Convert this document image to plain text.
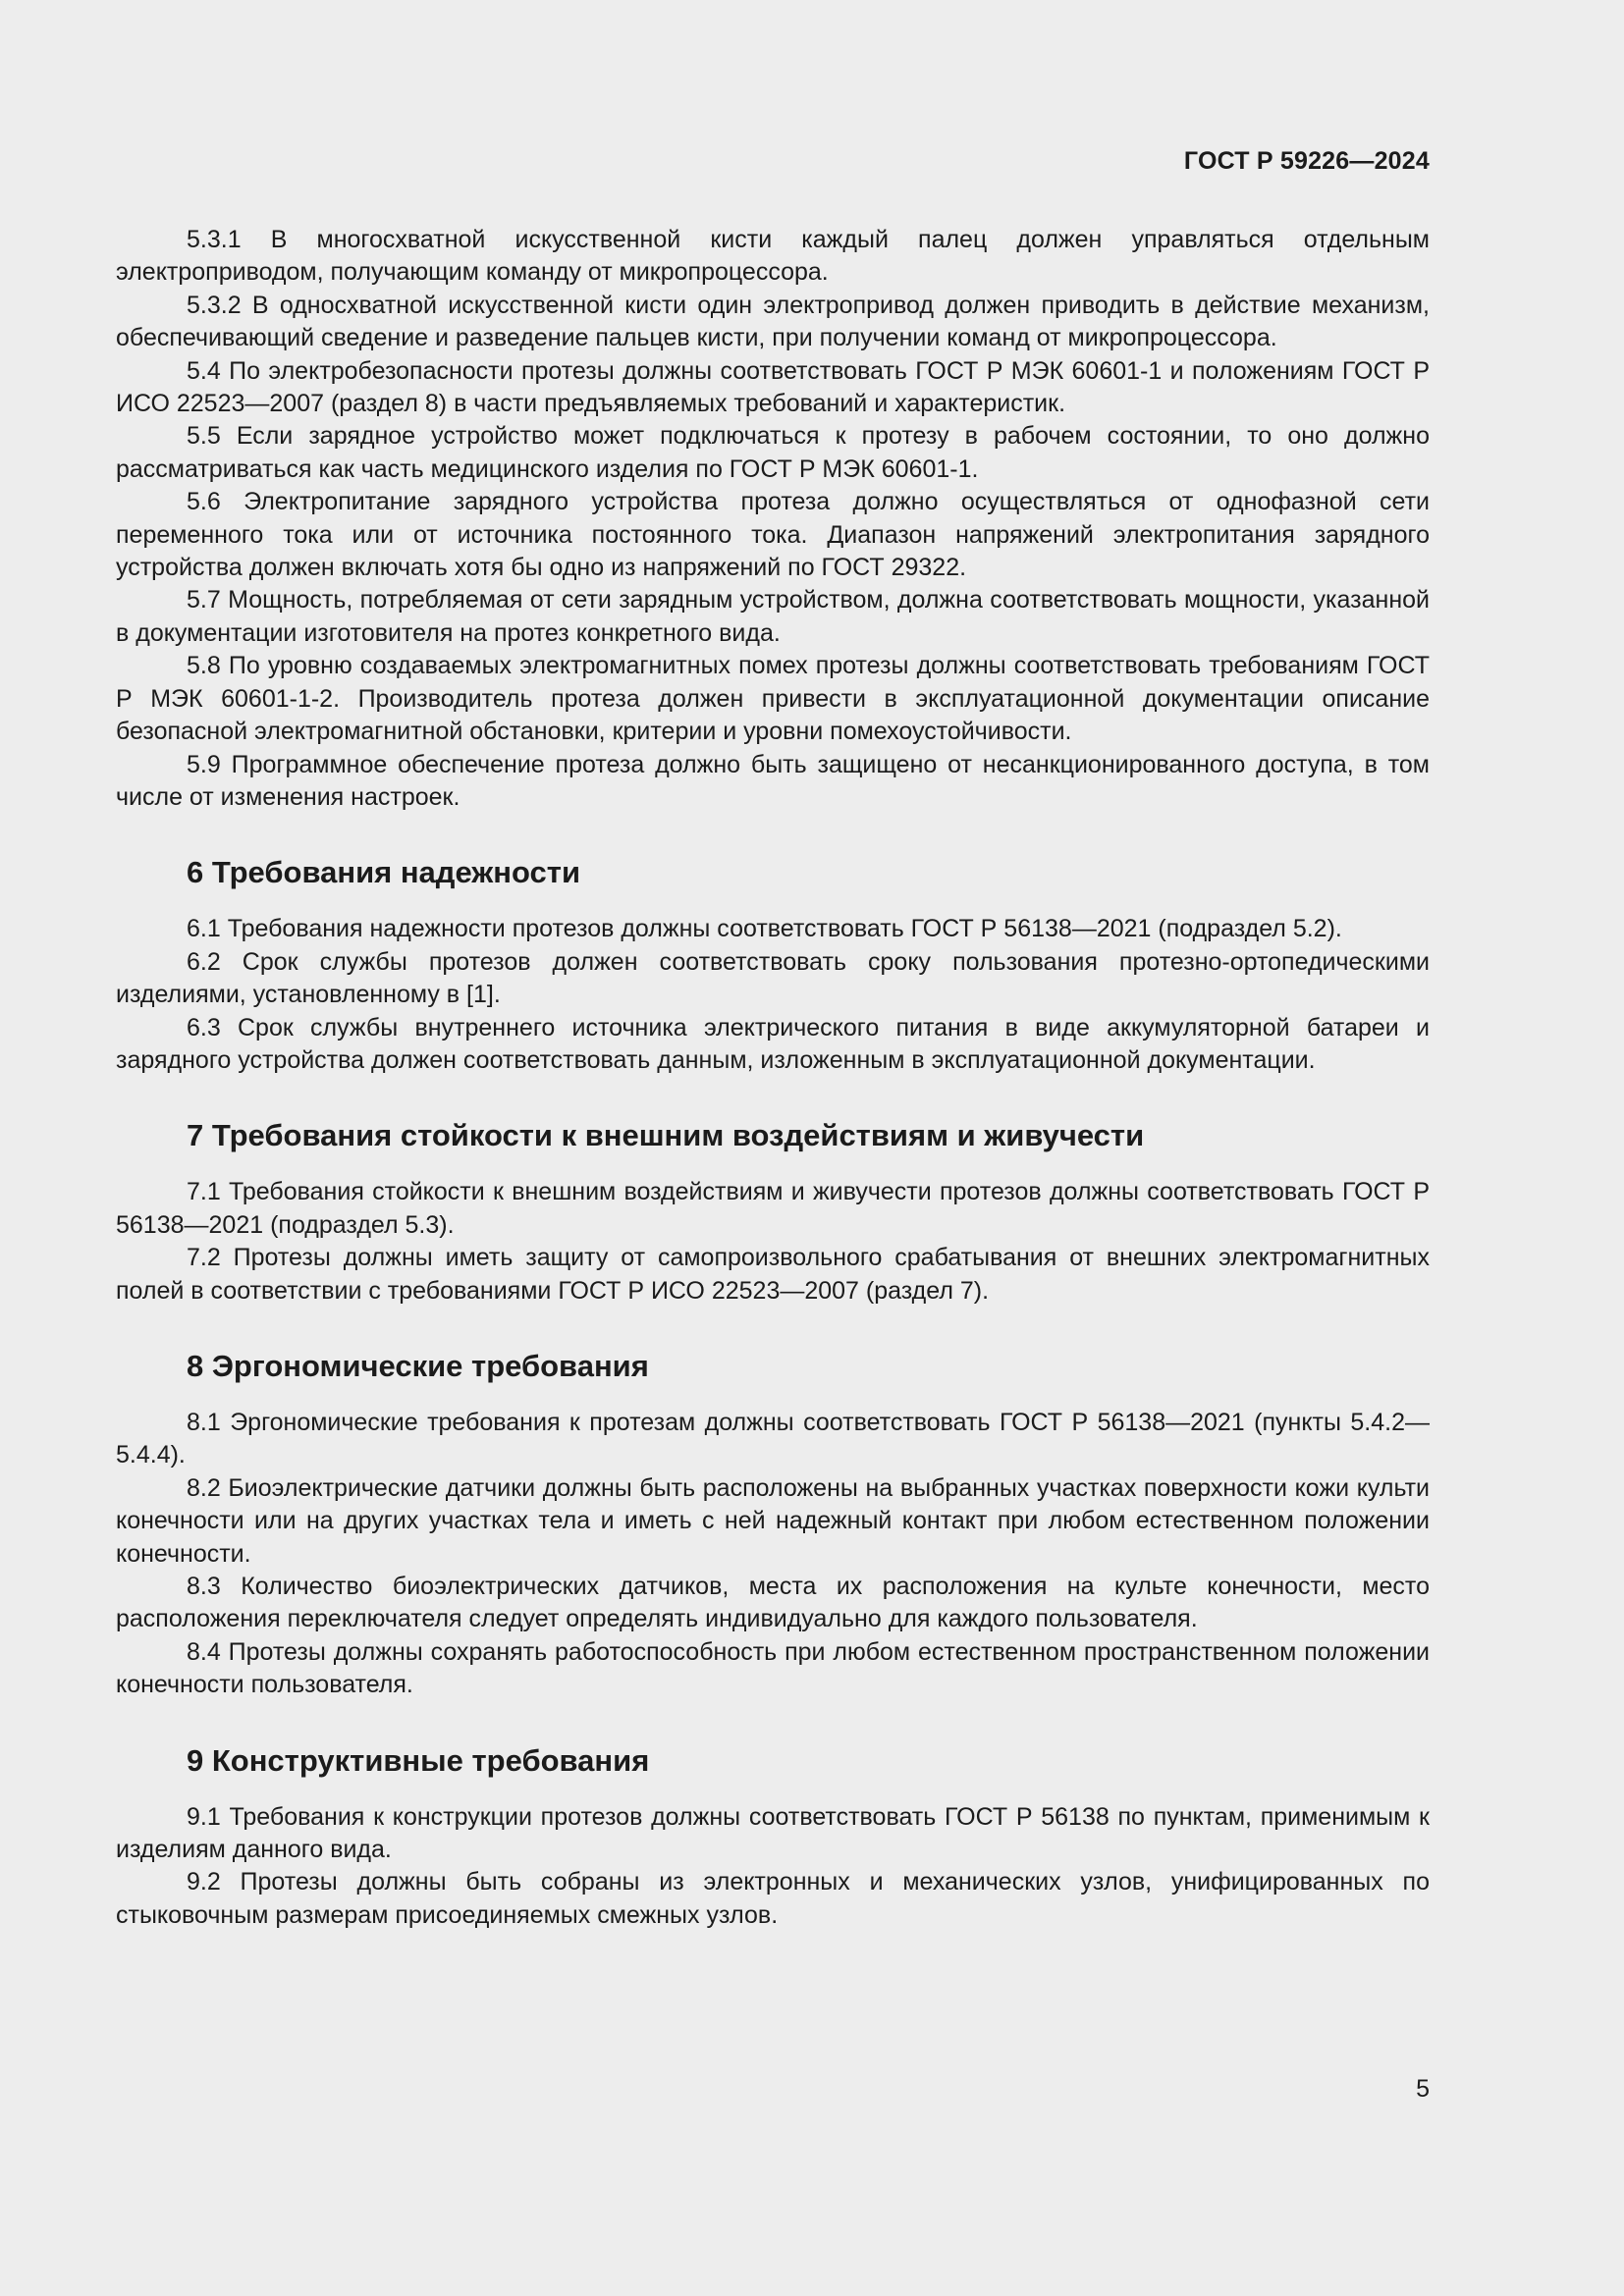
ГОСТ Р 59226—2024

5.3.1 В многосхватной искусственной кисти каждый палец должен управляться отдельным электроприводом, получающим команду от микропроцессора.

5.3.2 В односхватной искусственной кисти один электропривод должен приводить в действие механизм, обеспечивающий сведение и разведение пальцев кисти, при получении команд от микропроцессора.

5.4 По электробезопасности протезы должны соответствовать ГОСТ Р МЭК 60601-1 и положениям ГОСТ Р ИСО 22523—2007 (раздел 8) в части предъявляемых требований и характеристик.

5.5 Если зарядное устройство может подключаться к протезу в рабочем состоянии, то оно должно рассматриваться как часть медицинского изделия по ГОСТ Р МЭК 60601-1.

5.6 Электропитание зарядного устройства протеза должно осуществляться от однофазной сети переменного тока или от источника постоянного тока. Диапазон напряжений электропитания зарядного устройства должен включать хотя бы одно из напряжений по ГОСТ 29322.

5.7 Мощность, потребляемая от сети зарядным устройством, должна соответствовать мощности, указанной в документации изготовителя на протез конкретного вида.

5.8 По уровню создаваемых электромагнитных помех протезы должны соответствовать требованиям ГОСТ Р МЭК 60601-1-2. Производитель протеза должен привести в эксплуатационной документации описание безопасной электромагнитной обстановки, критерии и уровни помехоустойчивости.

5.9 Программное обеспечение протеза должно быть защищено от несанкционированного доступа, в том числе от изменения настроек.

6 Требования надежности

6.1 Требования надежности протезов должны соответствовать ГОСТ Р 56138—2021 (подраздел 5.2).

6.2 Срок службы протезов должен соответствовать сроку пользования протезно-ортопедическими изделиями, установленному в [1].

6.3 Срок службы внутреннего источника электрического питания в виде аккумуляторной батареи и зарядного устройства должен соответствовать данным, изложенным в эксплуатационной документации.

7 Требования стойкости к внешним воздействиям и живучести

7.1 Требования стойкости к внешним воздействиям и живучести протезов должны соответствовать ГОСТ Р 56138—2021 (подраздел 5.3).

7.2 Протезы должны иметь защиту от самопроизвольного срабатывания от внешних электромагнитных полей в соответствии с требованиями ГОСТ Р ИСО 22523—2007 (раздел 7).

8 Эргономические требования

8.1 Эргономические требования к протезам должны соответствовать ГОСТ Р 56138—2021 (пункты 5.4.2—5.4.4).

8.2 Биоэлектрические датчики должны быть расположены на выбранных участках поверхности кожи культи конечности или на других участках тела и иметь с ней надежный контакт при любом естественном положении конечности.

8.3 Количество биоэлектрических датчиков, места их расположения на культе конечности, место расположения переключателя следует определять индивидуально для каждого пользователя.

8.4 Протезы должны сохранять работоспособность при любом естественном пространственном положении конечности пользователя.

9 Конструктивные требования

9.1 Требования к конструкции протезов должны соответствовать ГОСТ Р 56138 по пунктам, применимым к изделиям данного вида.

9.2 Протезы должны быть собраны из электронных и механических узлов, унифицированных по стыковочным размерам присоединяемых смежных узлов.

5
